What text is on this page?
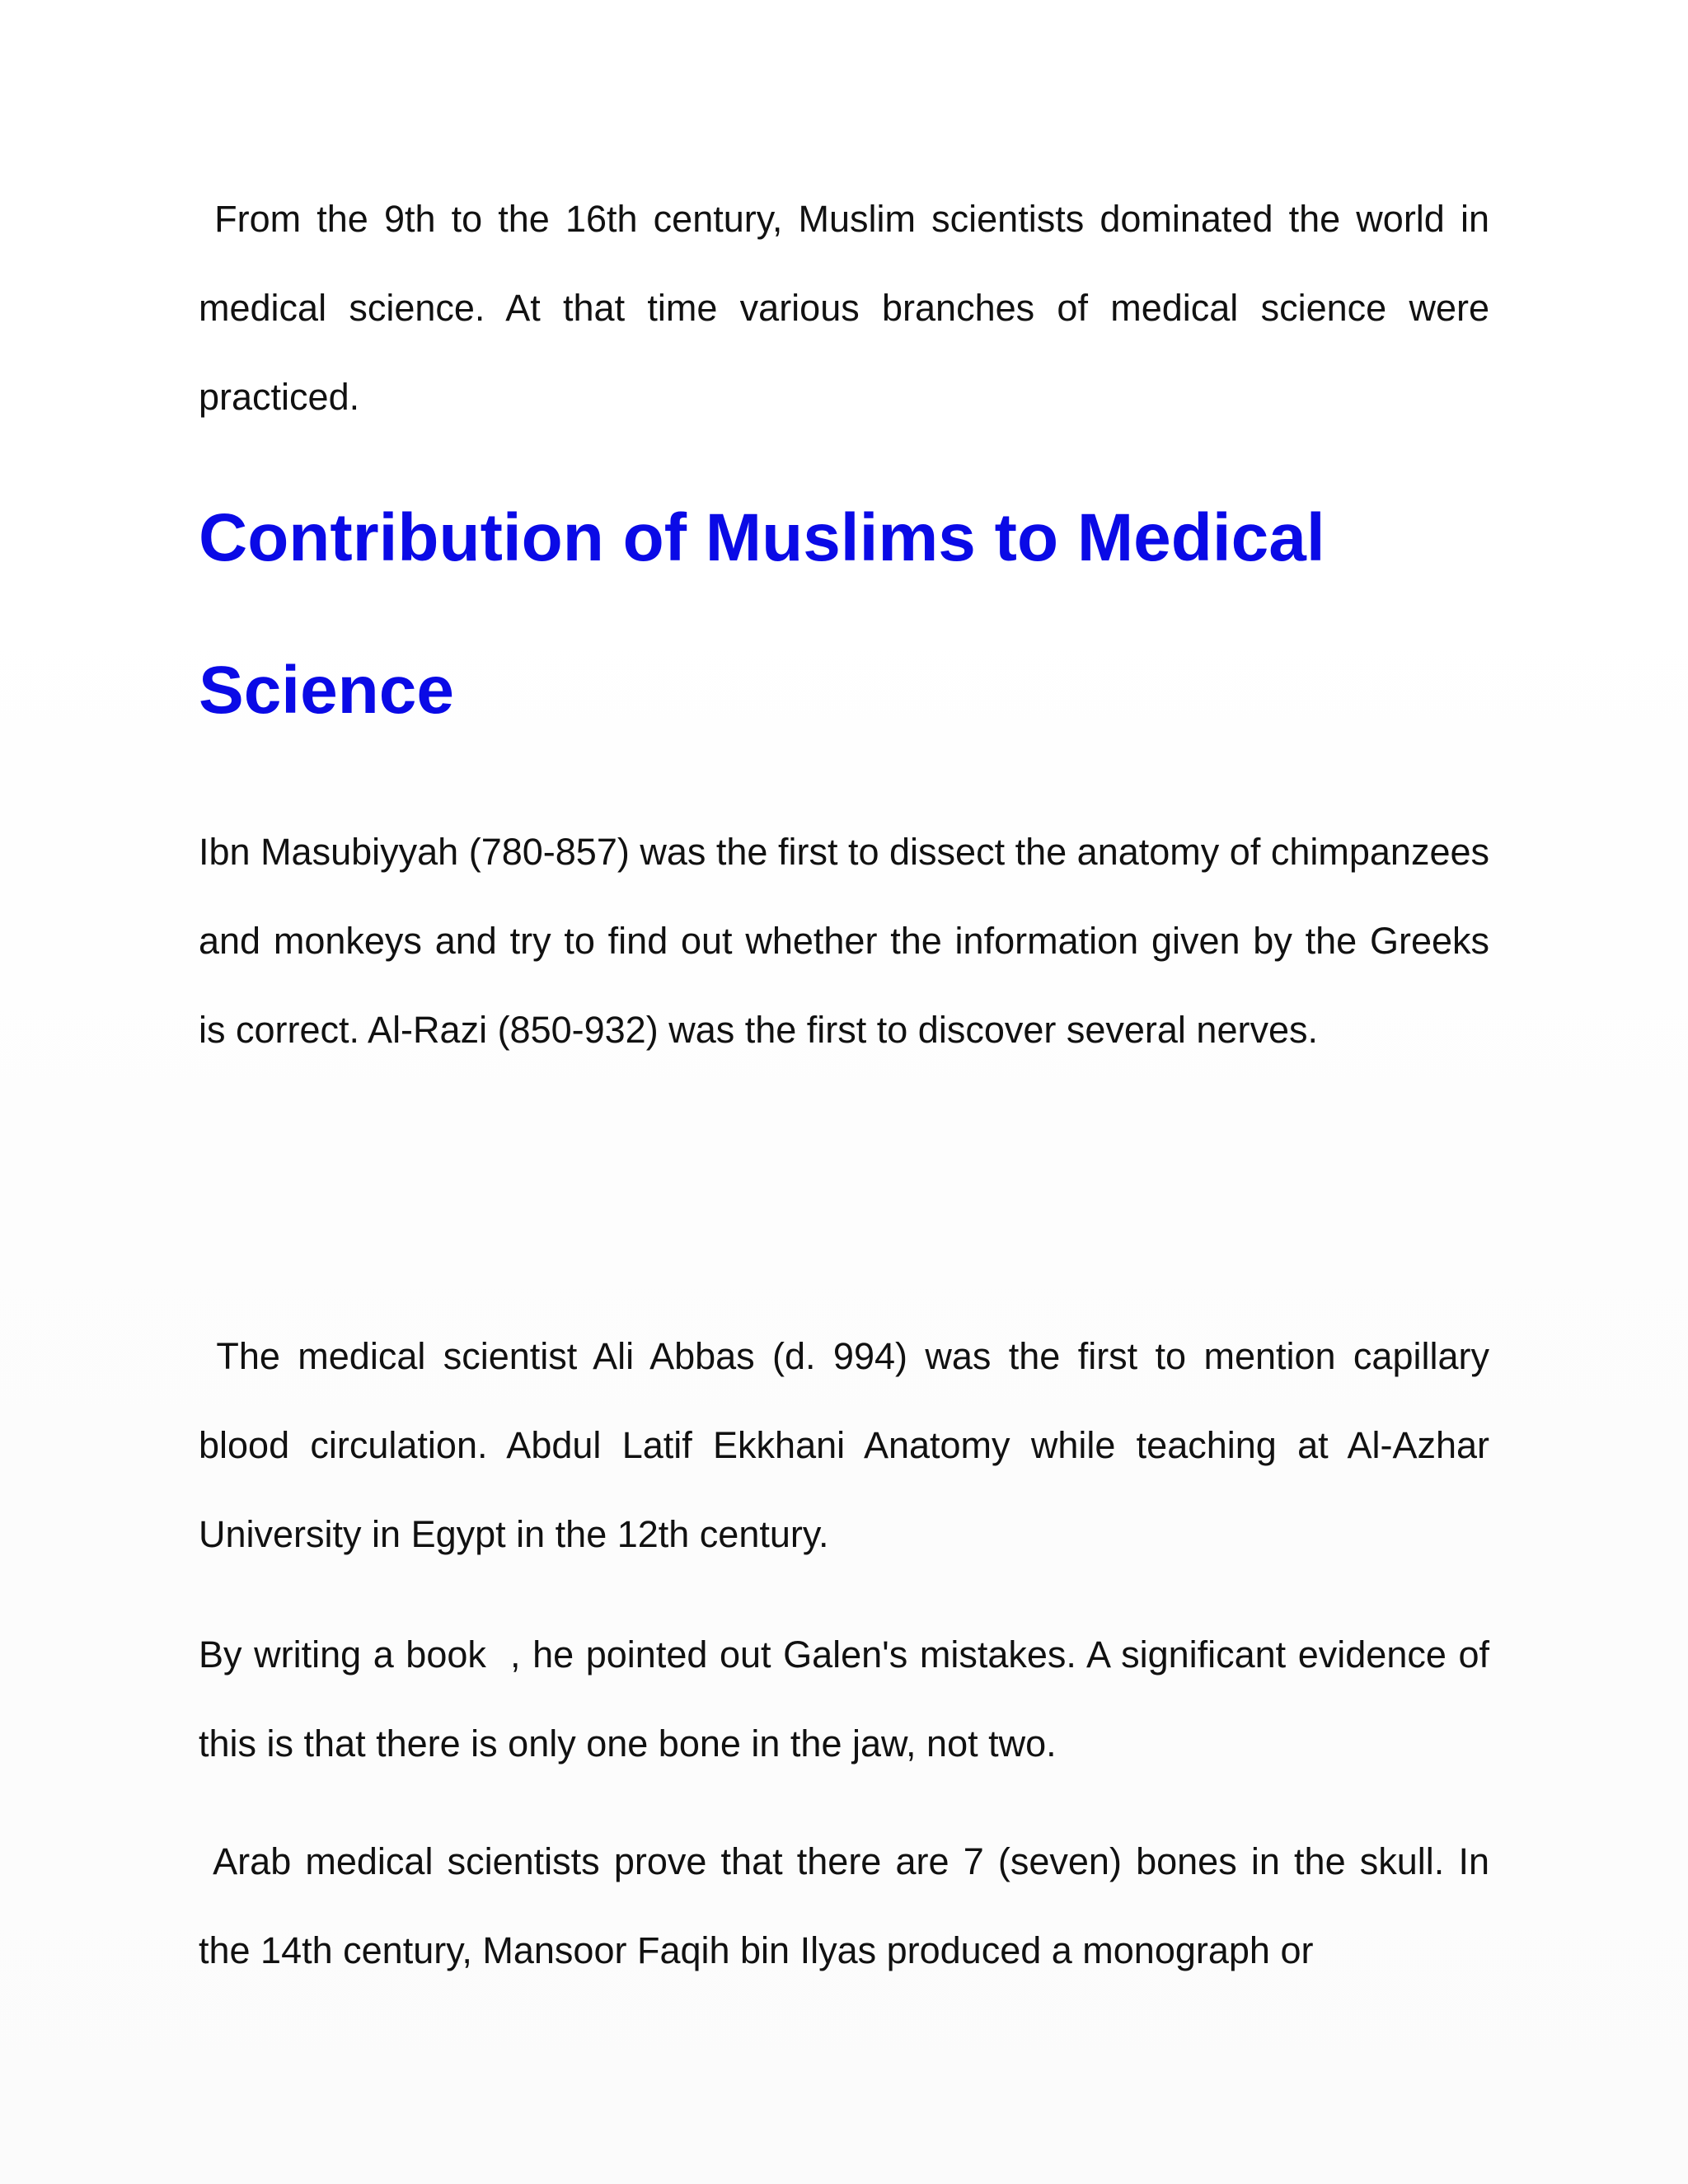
From the 9th to the 16th century, Muslim scientists dominated the world in medical science. At that time various branches of medical science were practiced.

Contribution of Muslims to Medical Science

Ibn Masubiyyah (780-857) was the first to dissect the anatomy of chimpanzees and monkeys and try to find out whether the information given by the Greeks is correct. Al-Razi (850-932) was the first to discover several nerves.

The medical scientist Ali Abbas (d. 994) was the first to mention capillary blood circulation. Abdul Latif Ekkhani Anatomy while teaching at Al-Azhar University in Egypt in the 12th century.

By writing a book  , he pointed out Galen's mistakes. A significant evidence of this is that there is only one bone in the jaw, not two.

Arab medical scientists prove that there are 7 (seven) bones in the skull. In the 14th century, Mansoor Faqih bin Ilyas produced a monograph or
